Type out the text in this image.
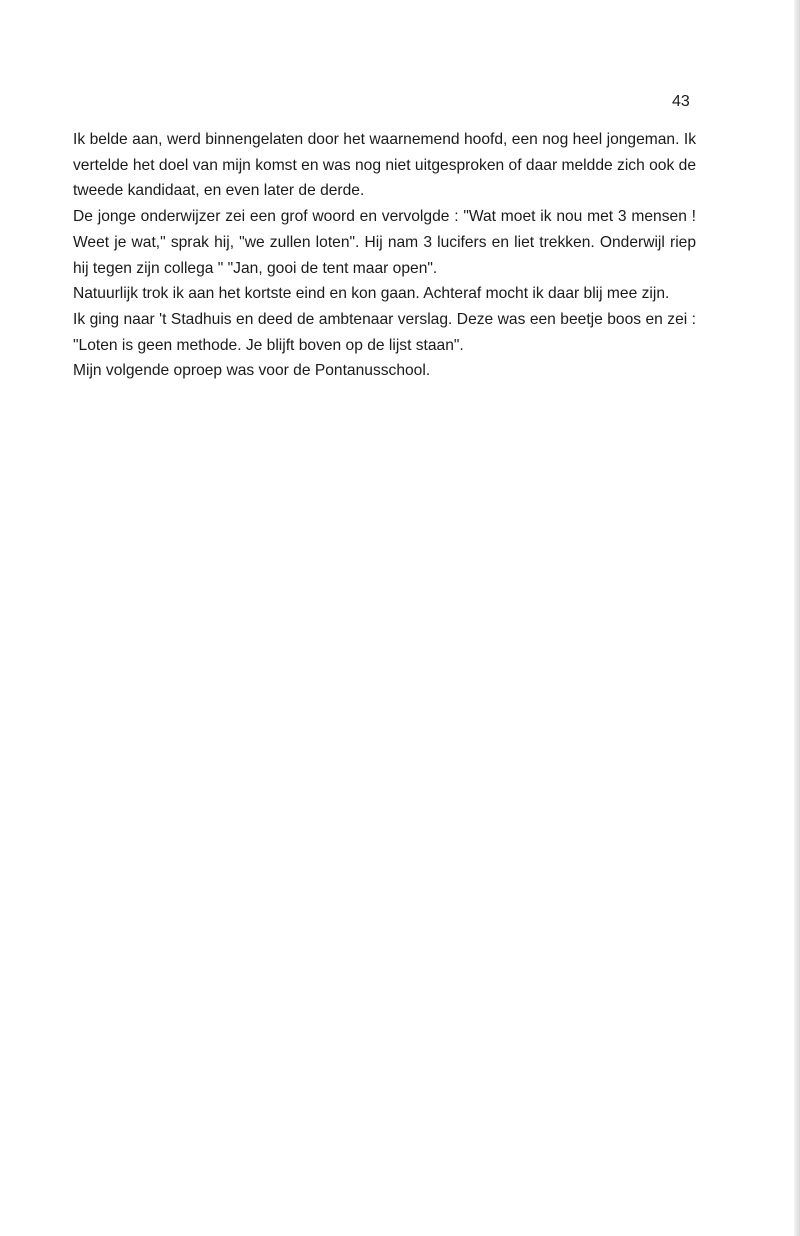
43

Ik belde aan, werd binnengelaten door het waarnemend hoofd, een nog heel jongeman. Ik vertelde het doel van mijn komst en was nog niet uitgesproken of daar meldde zich ook de tweede kandidaat, en even later de derde.

De jonge onderwijzer zei een grof woord en vervolgde : "Wat moet ik nou met 3 mensen ! Weet je wat," sprak hij, "we zullen loten". Hij nam 3 lucifers en liet trekken. Onderwijl riep hij tegen zijn collega " "Jan, gooi de tent maar open".

Natuurlijk trok ik aan het kortste eind en kon gaan. Achteraf mocht ik daar blij mee zijn.

Ik ging naar 't Stadhuis en deed de ambtenaar verslag. Deze was een beetje boos en zei : "Loten is geen methode. Je blijft boven op de lijst staan".

Mijn volgende oproep was voor de Pontanusschool.
